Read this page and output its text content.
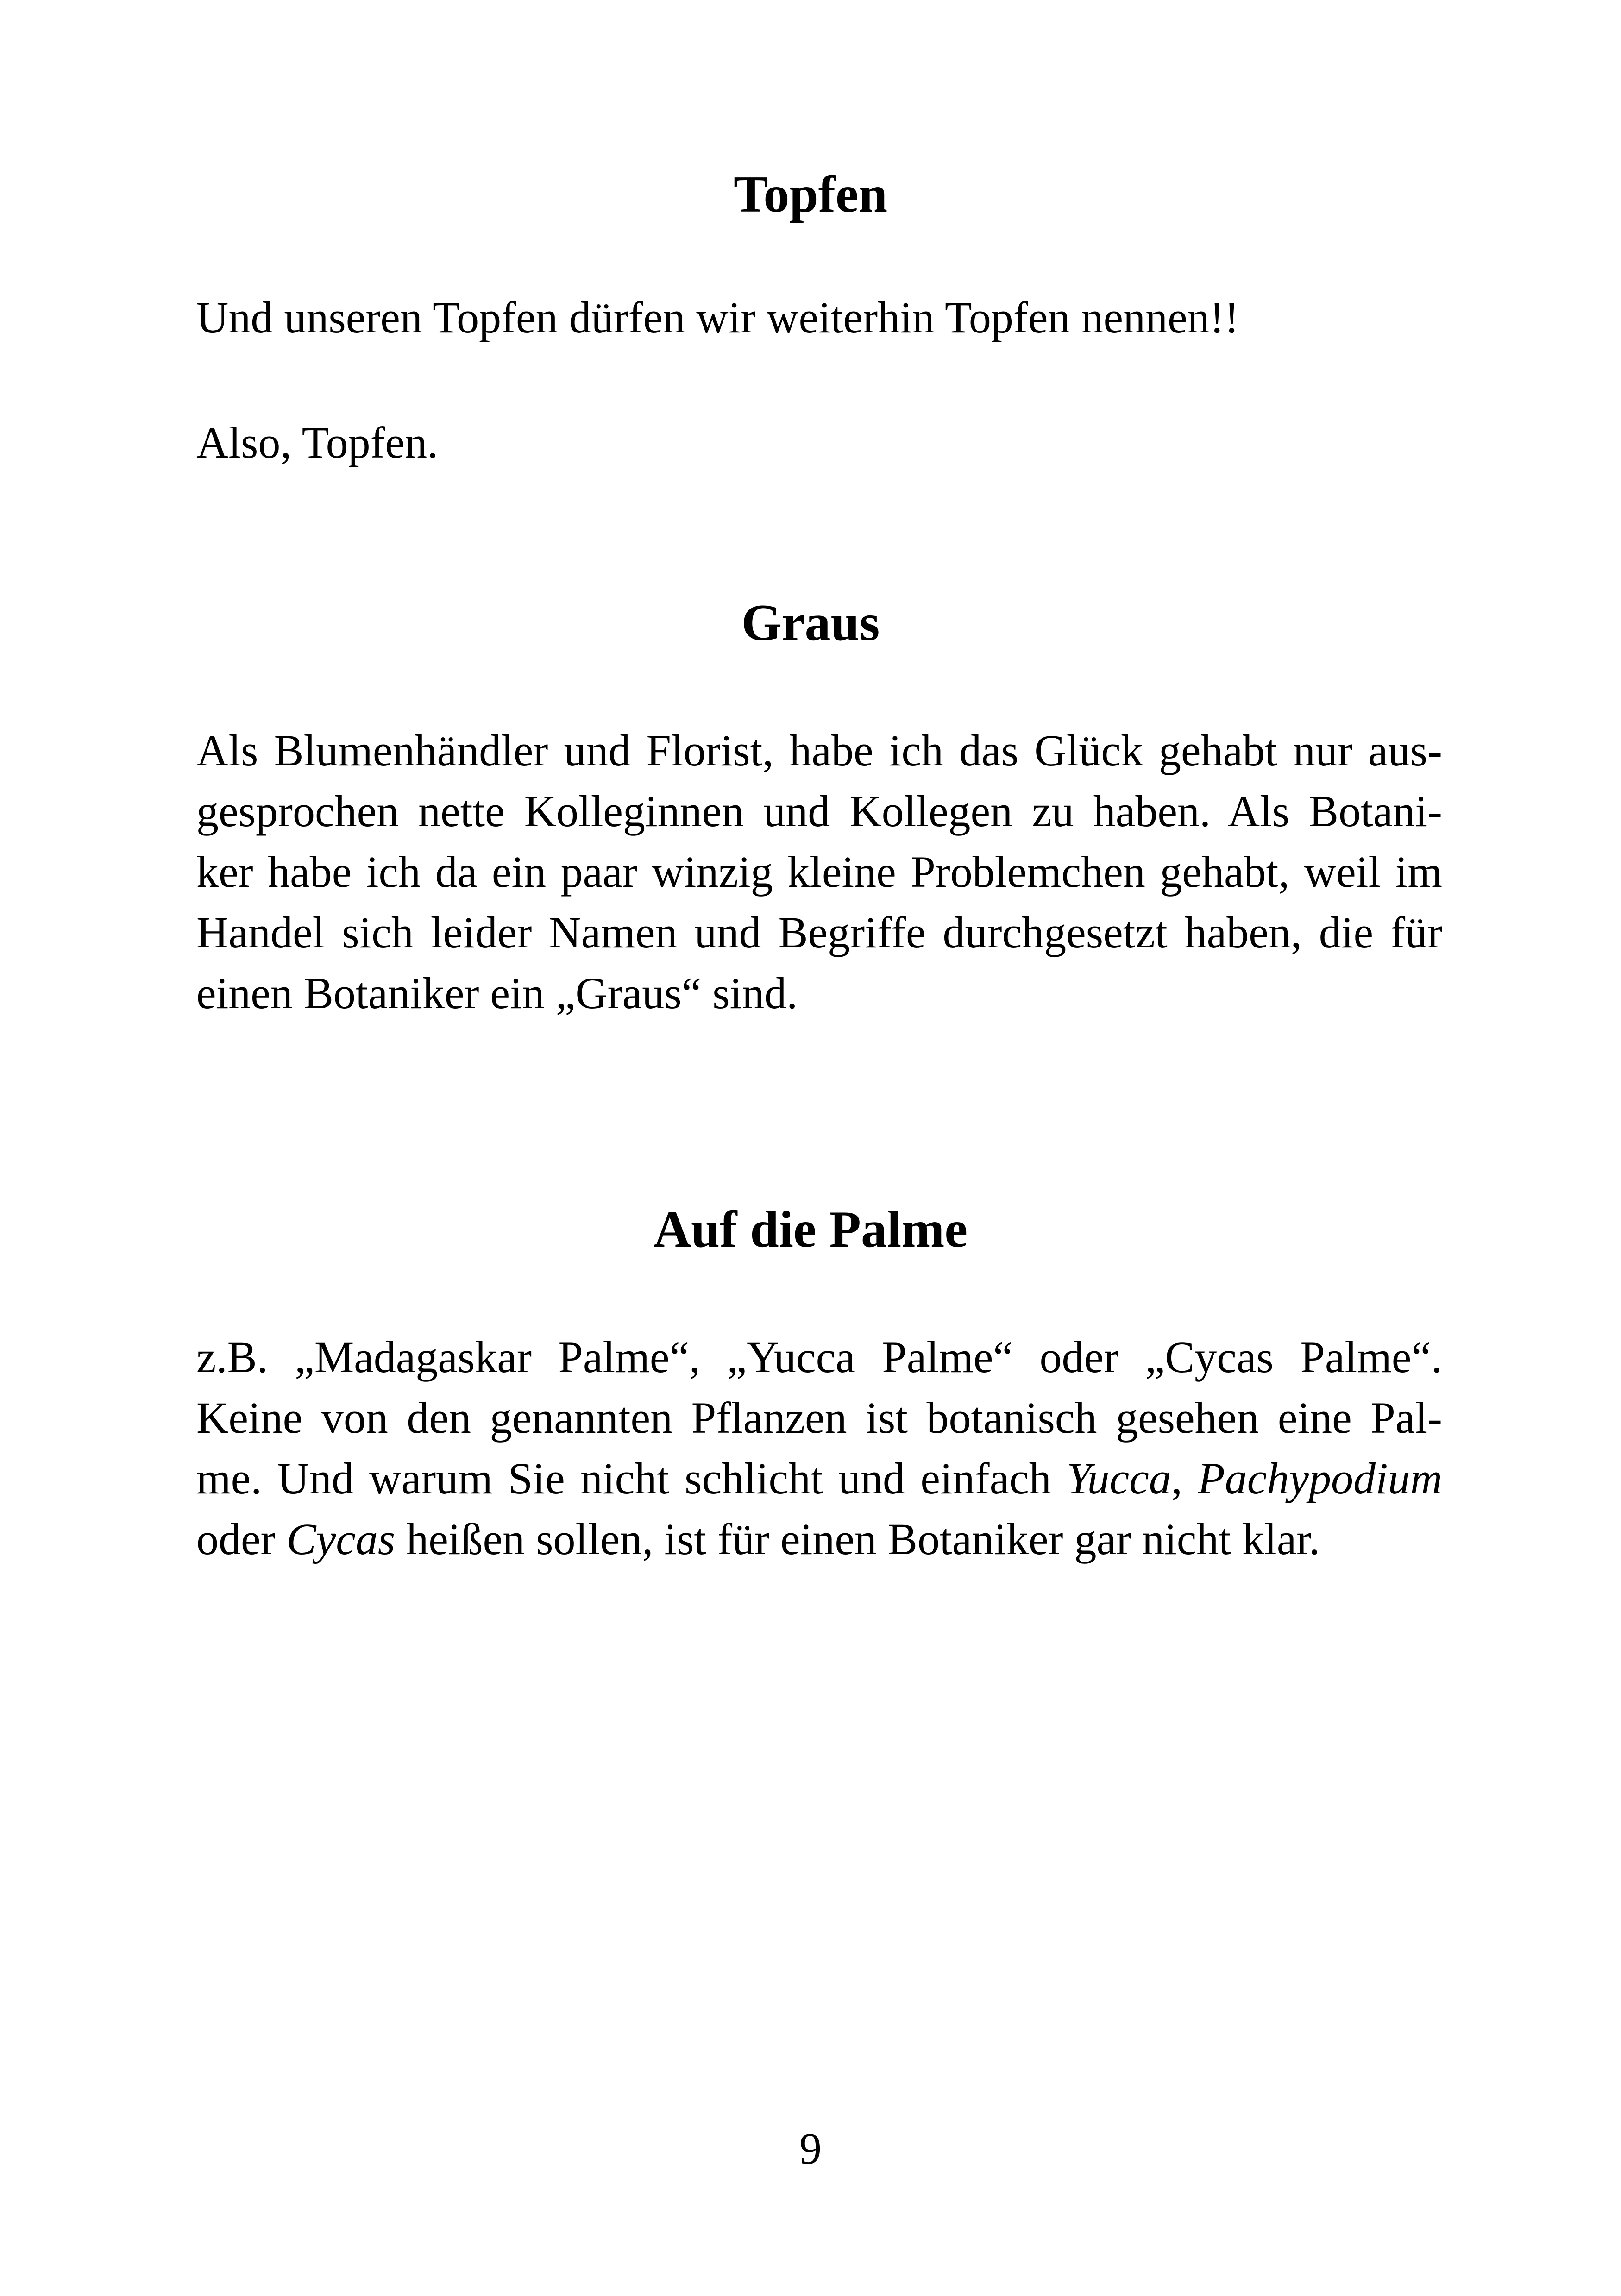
Topfen

Und unseren Topfen dürfen wir weiterhin Topfen nennen!!

Also, Topfen.

Graus
Als Blumenhändler und Florist, habe ich das Glück gehabt nur aus-
gesprochen nette Kolleginnen und Kollegen zu haben. Als Botani-
ker habe ich da ein paar winzig kleine Problemchen gehabt, weil im
Handel sich leider Namen und Begriffe durchgesetzt haben, die für
einen Botaniker ein „Graus“ sind.
Auf die Palme
z.B. „Madagaskar Palme“, „Yucca Palme“ oder „Cycas Palme“.
Keine von den genannten Pflanzen ist botanisch gesehen eine Pal-
me. Und warum Sie nicht schlicht und einfach Yucca, Pachypodium
oder Cycas heißen sollen, ist für einen Botaniker gar nicht klar.
9
